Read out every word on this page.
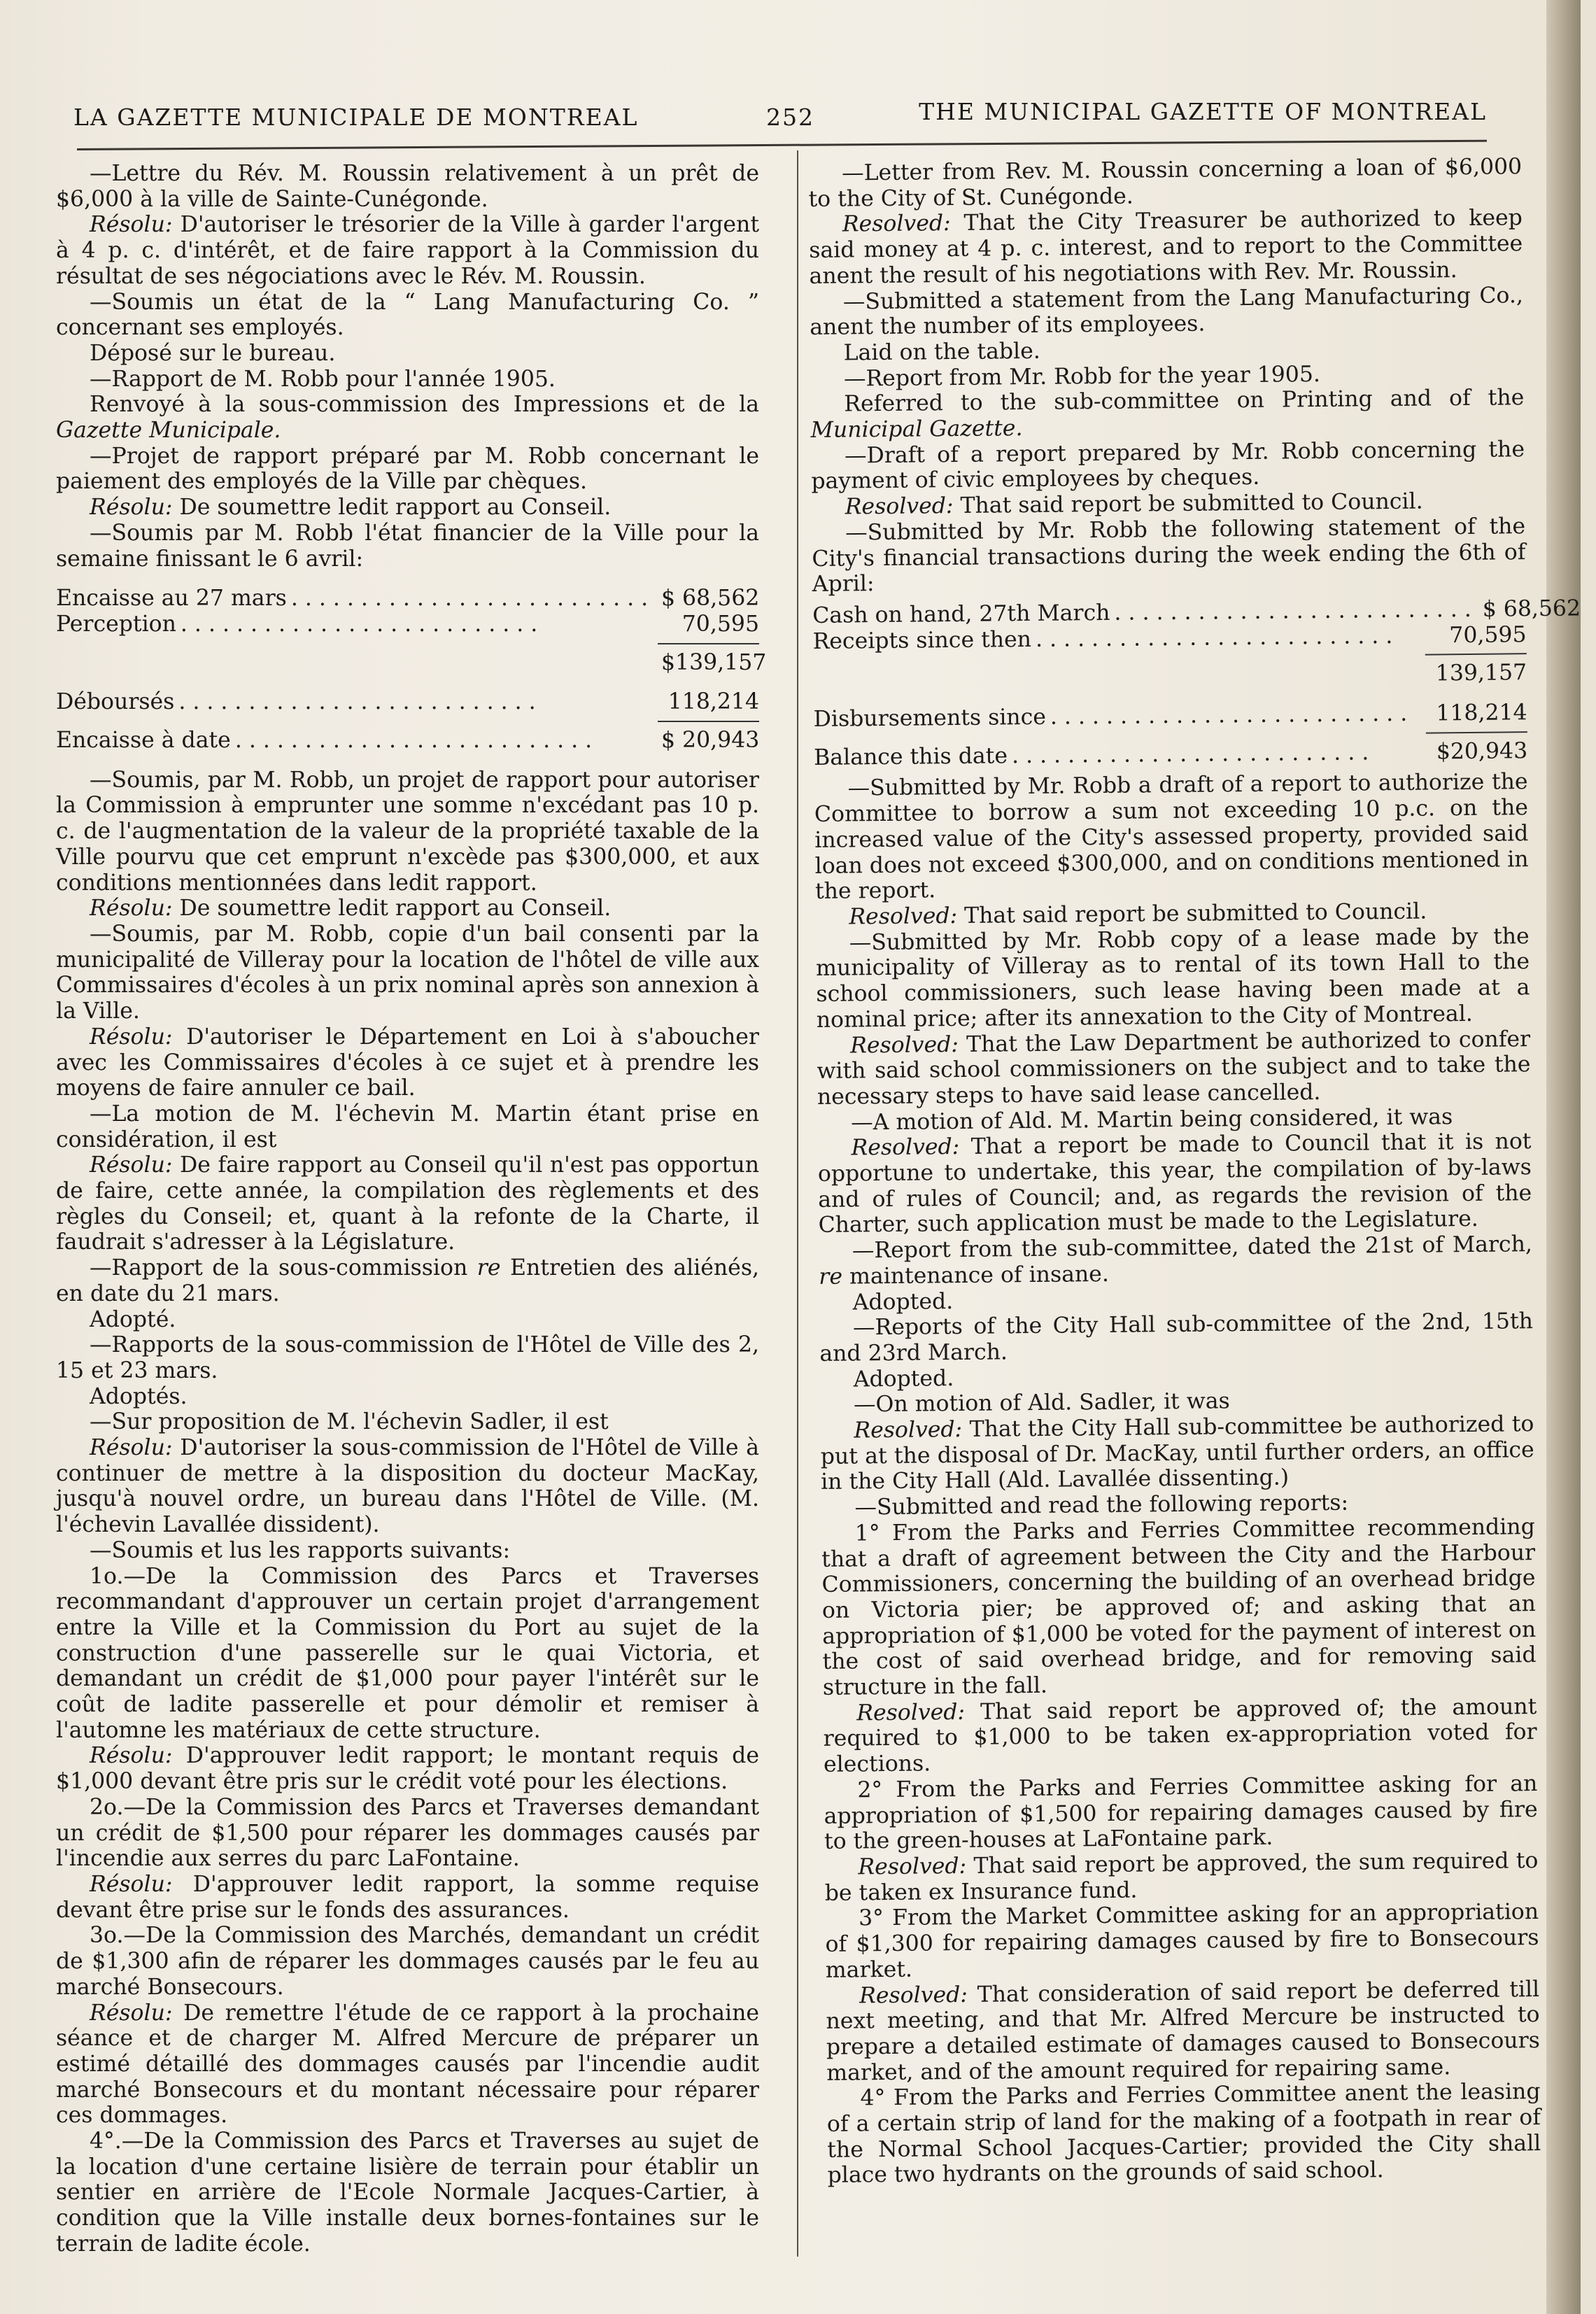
LA GAZETTE MUNICIPALE DE MONTREAL	252	THE MUNICIPAL GAZETTE OF MONTREAL

—Lettre du Rév. M. Roussin relativement à un prêt de $6,000 à la ville de Sainte-Cunégonde.

Résolu: D'autoriser le trésorier de la Ville à garder l'argent à 4 p. c. d'intérêt, et de faire rapport à la Commission du résultat de ses négociations avec le Rév. M. Roussin.

—Soumis un état de la “ Lang Manufacturing Co. ” concernant ses employés.

Déposé sur le bureau.

—Rapport de M. Robb pour l'année 1905.

Renvoyé à la sous-commission des Impressions et de la Gazette Municipale.

—Projet de rapport préparé par M. Robb concernant le paiement des employés de la Ville par chèques.

Résolu: De soumettre ledit rapport au Conseil.

—Soumis par M. Robb l'état financier de la Ville pour la semaine finissant le 6 avril:

Encaisse au 27 mars .......................... $ 68,562

Perception ..........................	70,595

$139,157

Déboursés ..........................	118,214

Encaisse à date ..........................	$ 20,943

—Soumis, par M. Robb, un projet de rapport pour autoriser la Commission à emprunter une somme n'excédant pas 10 p. c. de l'augmentation de la valeur de la propriété taxable de la Ville pourvu que cet emprunt n'excède pas $300,000, et aux conditions mentionnées dans ledit rapport.

Résolu: De soumettre ledit rapport au Conseil.

—Soumis, par M. Robb, copie d'un bail consenti par la municipalité de Villeray pour la location de l'hôtel de ville aux Commissaires d'écoles à un prix nominal après son annexion à la Ville.

Résolu: D'autoriser le Département en Loi à s'aboucher avec les Commissaires d'écoles à ce sujet et à prendre les moyens de faire annuler ce bail.

—La motion de M. l'échevin M. Martin étant prise en considération, il est

Résolu: De faire rapport au Conseil qu'il n'est pas opportun de faire, cette année, la compilation des règlements et des règles du Conseil; et, quant à la refonte de la Charte, il faudrait s'adresser à la Législature.

—Rapport de la sous-commission re Entretien des aliénés, en date du 21 mars.

Adopté.

—Rapports de la sous-commission de l'Hôtel de Ville des 2, 15 et 23 mars.

Adoptés.

—Sur proposition de M. l'échevin Sadler, il est

Résolu: D'autoriser la sous-commission de l'Hôtel de Ville à continuer de mettre à la disposition du docteur MacKay, jusqu'à nouvel ordre, un bureau dans l'Hôtel de Ville. (M. l'échevin Lavallée dissident).

—Soumis et lus les rapports suivants:

1o.—De la Commission des Parcs et Traverses recommandant d'approuver un certain projet d'arrangement entre la Ville et la Commission du Port au sujet de la construction d'une passerelle sur le quai Victoria, et demandant un crédit de $1,000 pour payer l'intérêt sur le coût de ladite passerelle et pour démolir et remiser à l'automne les matériaux de cette structure.

Résolu: D'approuver ledit rapport; le montant requis de $1,000 devant être pris sur le crédit voté pour les élections.

2o.—De la Commission des Parcs et Traverses demandant un crédit de $1,500 pour réparer les dommages causés par l'incendie aux serres du parc LaFontaine.

Résolu: D'approuver ledit rapport, la somme requise devant être prise sur le fonds des assurances.

3o.—De la Commission des Marchés, demandant un crédit de $1,300 afin de réparer les dommages causés par le feu au marché Bonsecours.

Résolu: De remettre l'étude de ce rapport à la prochaine séance et de charger M. Alfred Mercure de préparer un estimé détaillé des dommages causés par l'incendie audit marché Bonsecours et du montant nécessaire pour réparer ces dommages.

4°.—De la Commission des Parcs et Traverses au sujet de la location d'une certaine lisière de terrain pour établir un sentier en arrière de l'Ecole Normale Jacques-Cartier, à condition que la Ville installe deux bornes-fontaines sur le terrain de ladite école.

—Letter from Rev. M. Roussin concerning a loan of $6,000 to the City of St. Cunégonde.

Resolved: That the City Treasurer be authorized to keep said money at 4 p. c. interest, and to report to the Committee anent the result of his negotiations with Rev. Mr. Roussin.

—Submitted a statement from the Lang Manufacturing Co., anent the number of its employees.

Laid on the table.

—Report from Mr. Robb for the year 1905.

Referred to the sub-committee on Printing and of the Municipal Gazette.

—Draft of a report prepared by Mr. Robb concerning the payment of civic employees by cheques.

Resolved: That said report be submitted to Council.

—Submitted by Mr. Robb the following statement of the City's financial transactions during the week ending the 6th of April:

Cash on hand, 27th March .......................... $ 68,562

Receipts since then ..........................	70,595

139,157

Disbursements since .......................... 118,214

Balance this date ..........................	$20,943

—Submitted by Mr. Robb a draft of a report to authorize the Committee to borrow a sum not exceeding 10 p.c. on the increased value of the City's assessed property, provided said loan does not exceed $300,000, and on conditions mentioned in the report.

Resolved: That said report be submitted to Council.

—Submitted by Mr. Robb copy of a lease made by the municipality of Villeray as to rental of its town Hall to the school commissioners, such lease having been made at a nominal price; after its annexation to the City of Montreal.

Resolved: That the Law Department be authorized to confer with said school commissioners on the subject and to take the necessary steps to have said lease cancelled.

—A motion of Ald. M. Martin being considered, it was

Resolved: That a report be made to Council that it is not opportune to undertake, this year, the compilation of by-laws and of rules of Council; and, as regards the revision of the Charter, such application must be made to the Legislature.

—Report from the sub-committee, dated the 21st of March, re maintenance of insane.

Adopted.

—Reports of the City Hall sub-committee of the 2nd, 15th and 23rd March.

Adopted.

—On motion of Ald. Sadler, it was

Resolved: That the City Hall sub-committee be authorized to put at the disposal of Dr. MacKay, until further orders, an office in the City Hall (Ald. Lavallée dissenting.)

—Submitted and read the following reports:

1° From the Parks and Ferries Committee recommending that a draft of agreement between the City and the Harbour Commissioners, concerning the building of an overhead bridge on Victoria pier; be approved of; and asking that an appropriation of $1,000 be voted for the payment of interest on the cost of said overhead bridge, and for removing said structure in the fall.

Resolved: That said report be approved of; the amount required to $1,000 to be taken ex-appropriation voted for elections.

2° From the Parks and Ferries Committee asking for an appropriation of $1,500 for repairing damages caused by fire to the green-houses at LaFontaine park.

Resolved: That said report be approved, the sum required to be taken ex Insurance fund.

3° From the Market Committee asking for an appropriation of $1,300 for repairing damages caused by fire to Bonsecours market.

Resolved: That consideration of said report be deferred till next meeting, and that Mr. Alfred Mercure be instructed to prepare a detailed estimate of damages caused to Bonsecours market, and of the amount required for repairing same.

4° From the Parks and Ferries Committee anent the leasing of a certain strip of land for the making of a footpath in rear of the Normal School Jacques-Cartier; provided the City shall place two hydrants on the grounds of said school.
